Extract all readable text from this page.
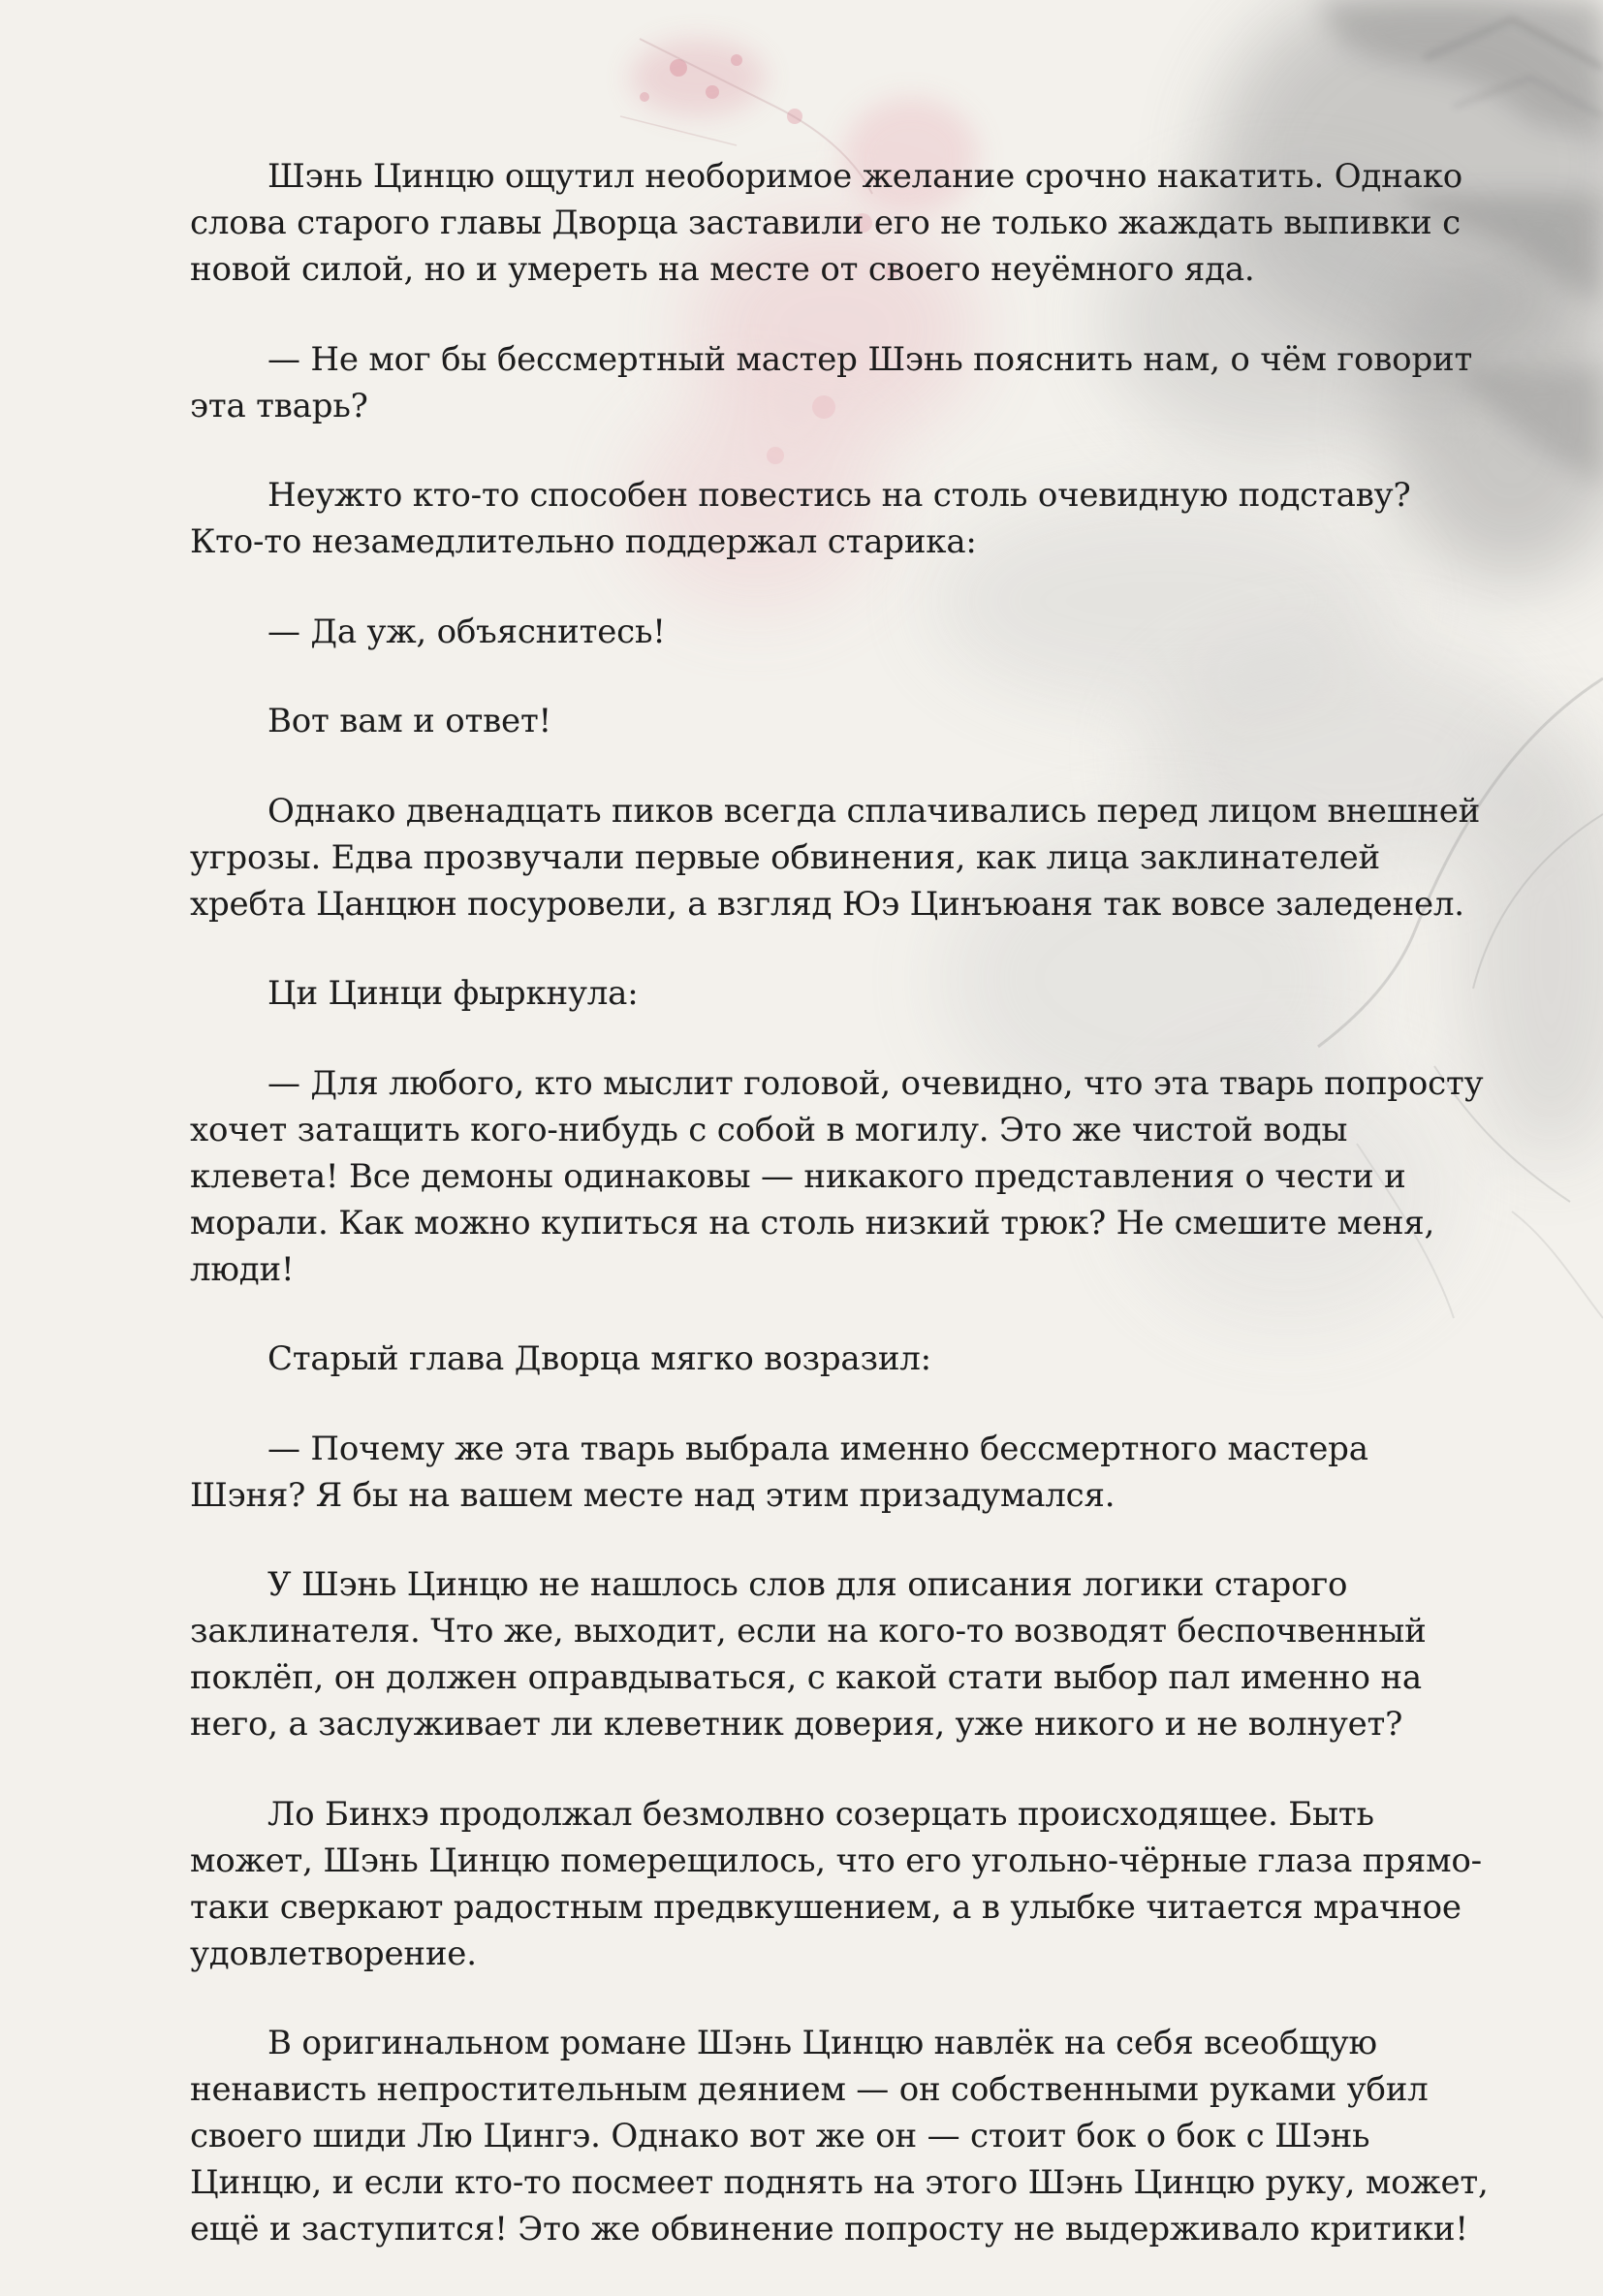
Шэнь Цинцю ощутил необоримое желание срочно накатить. Однако слова старого главы Дворца заставили его не только жаждать выпивки с новой силой, но и умереть на месте от своего неуёмного яда.

— Не мог бы бессмертный мастер Шэнь пояснить нам, о чём говорит эта тварь?

Неужто кто-то способен повестись на столь очевидную подставу? Кто-то незамедлительно поддержал старика:

— Да уж, объяснитесь!

Вот вам и ответ!

Однако двенадцать пиков всегда сплачивались перед лицом внешней угрозы. Едва прозвучали первые обвинения, как лица заклинателей хребта Цанцюн посуровели, а взгляд Юэ Цинъюаня так вовсе заледенел.

Ци Цинци фыркнула:

— Для любого, кто мыслит головой, очевидно, что эта тварь попросту хочет затащить кого-нибудь с собой в могилу. Это же чистой воды клевета! Все демоны одинаковы — никакого представления о чести и морали. Как можно купиться на столь низкий трюк? Не смешите меня, люди!

Старый глава Дворца мягко возразил:

— Почему же эта тварь выбрала именно бессмертного мастера Шэня? Я бы на вашем месте над этим призадумался.

У Шэнь Цинцю не нашлось слов для описания логики старого заклинателя. Что же, выходит, если на кого-то возводят беспочвенный поклёп, он должен оправдываться, с какой стати выбор пал именно на него, а заслуживает ли клеветник доверия, уже никого и не волнует?

Ло Бинхэ продолжал безмолвно созерцать происходящее. Быть может, Шэнь Цинцю померещилось, что его угольно-чёрные глаза прямо-таки сверкают радостным предвкушением, а в улыбке читается мрачное удовлетворение.

В оригинальном романе Шэнь Цинцю навлёк на себя всеобщую ненависть непростительным деянием — он собственными руками убил своего шиди Лю Цингэ. Однако вот же он — стоит бок о бок с Шэнь Цинцю, и если кто-то посмеет поднять на этого Шэнь Цинцю руку, может, ещё и заступится! Это же обвинение попросту не выдерживало критики!
